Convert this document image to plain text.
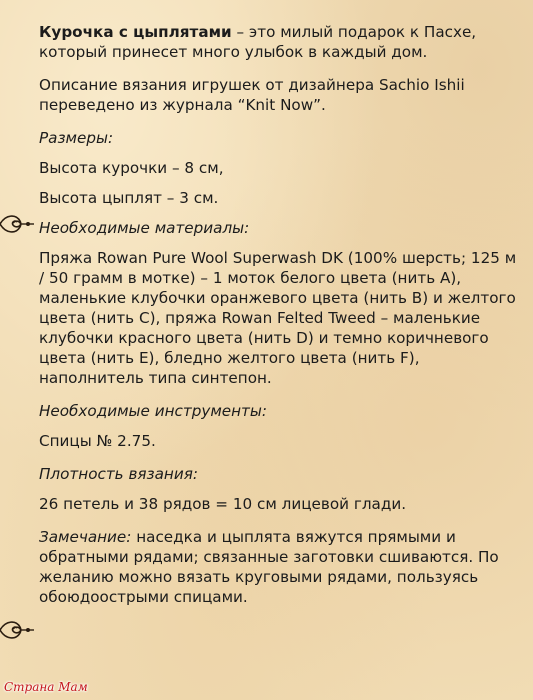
Курочка с цыплятами – это милый подарок к Пасхе, который принесет много улыбок в каждый дом.

Описание вязания игрушек от дизайнера Sachio Ishii переведено из журнала “Knit Now”.

Размеры:

Высота курочки – 8 см,

Высота цыплят – 3 см.

Необходимые материалы:

Пряжа Rowan Pure Wool Superwash DK (100% шерсть; 125 м / 50 грамм в мотке) – 1 моток белого цвета (нить A), маленькие клубочки оранжевого цвета (нить B) и желтого цвета (нить C), пряжа Rowan Felted Tweed – маленькие клубочки красного цвета (нить D) и темно коричневого цвета (нить E), бледно желтого цвета (нить F), наполнитель типа синтепон.

Необходимые инструменты:

Спицы № 2.75.

Плотность вязания:

26 петель и 38 рядов = 10 см лицевой глади.

Замечание: наседка и цыплята вяжутся прямыми и обратными рядами; связанные заготовки сшиваются. По желанию можно вязать круговыми рядами, пользуясь обоюдоострыми спицами.

Страна Мам
